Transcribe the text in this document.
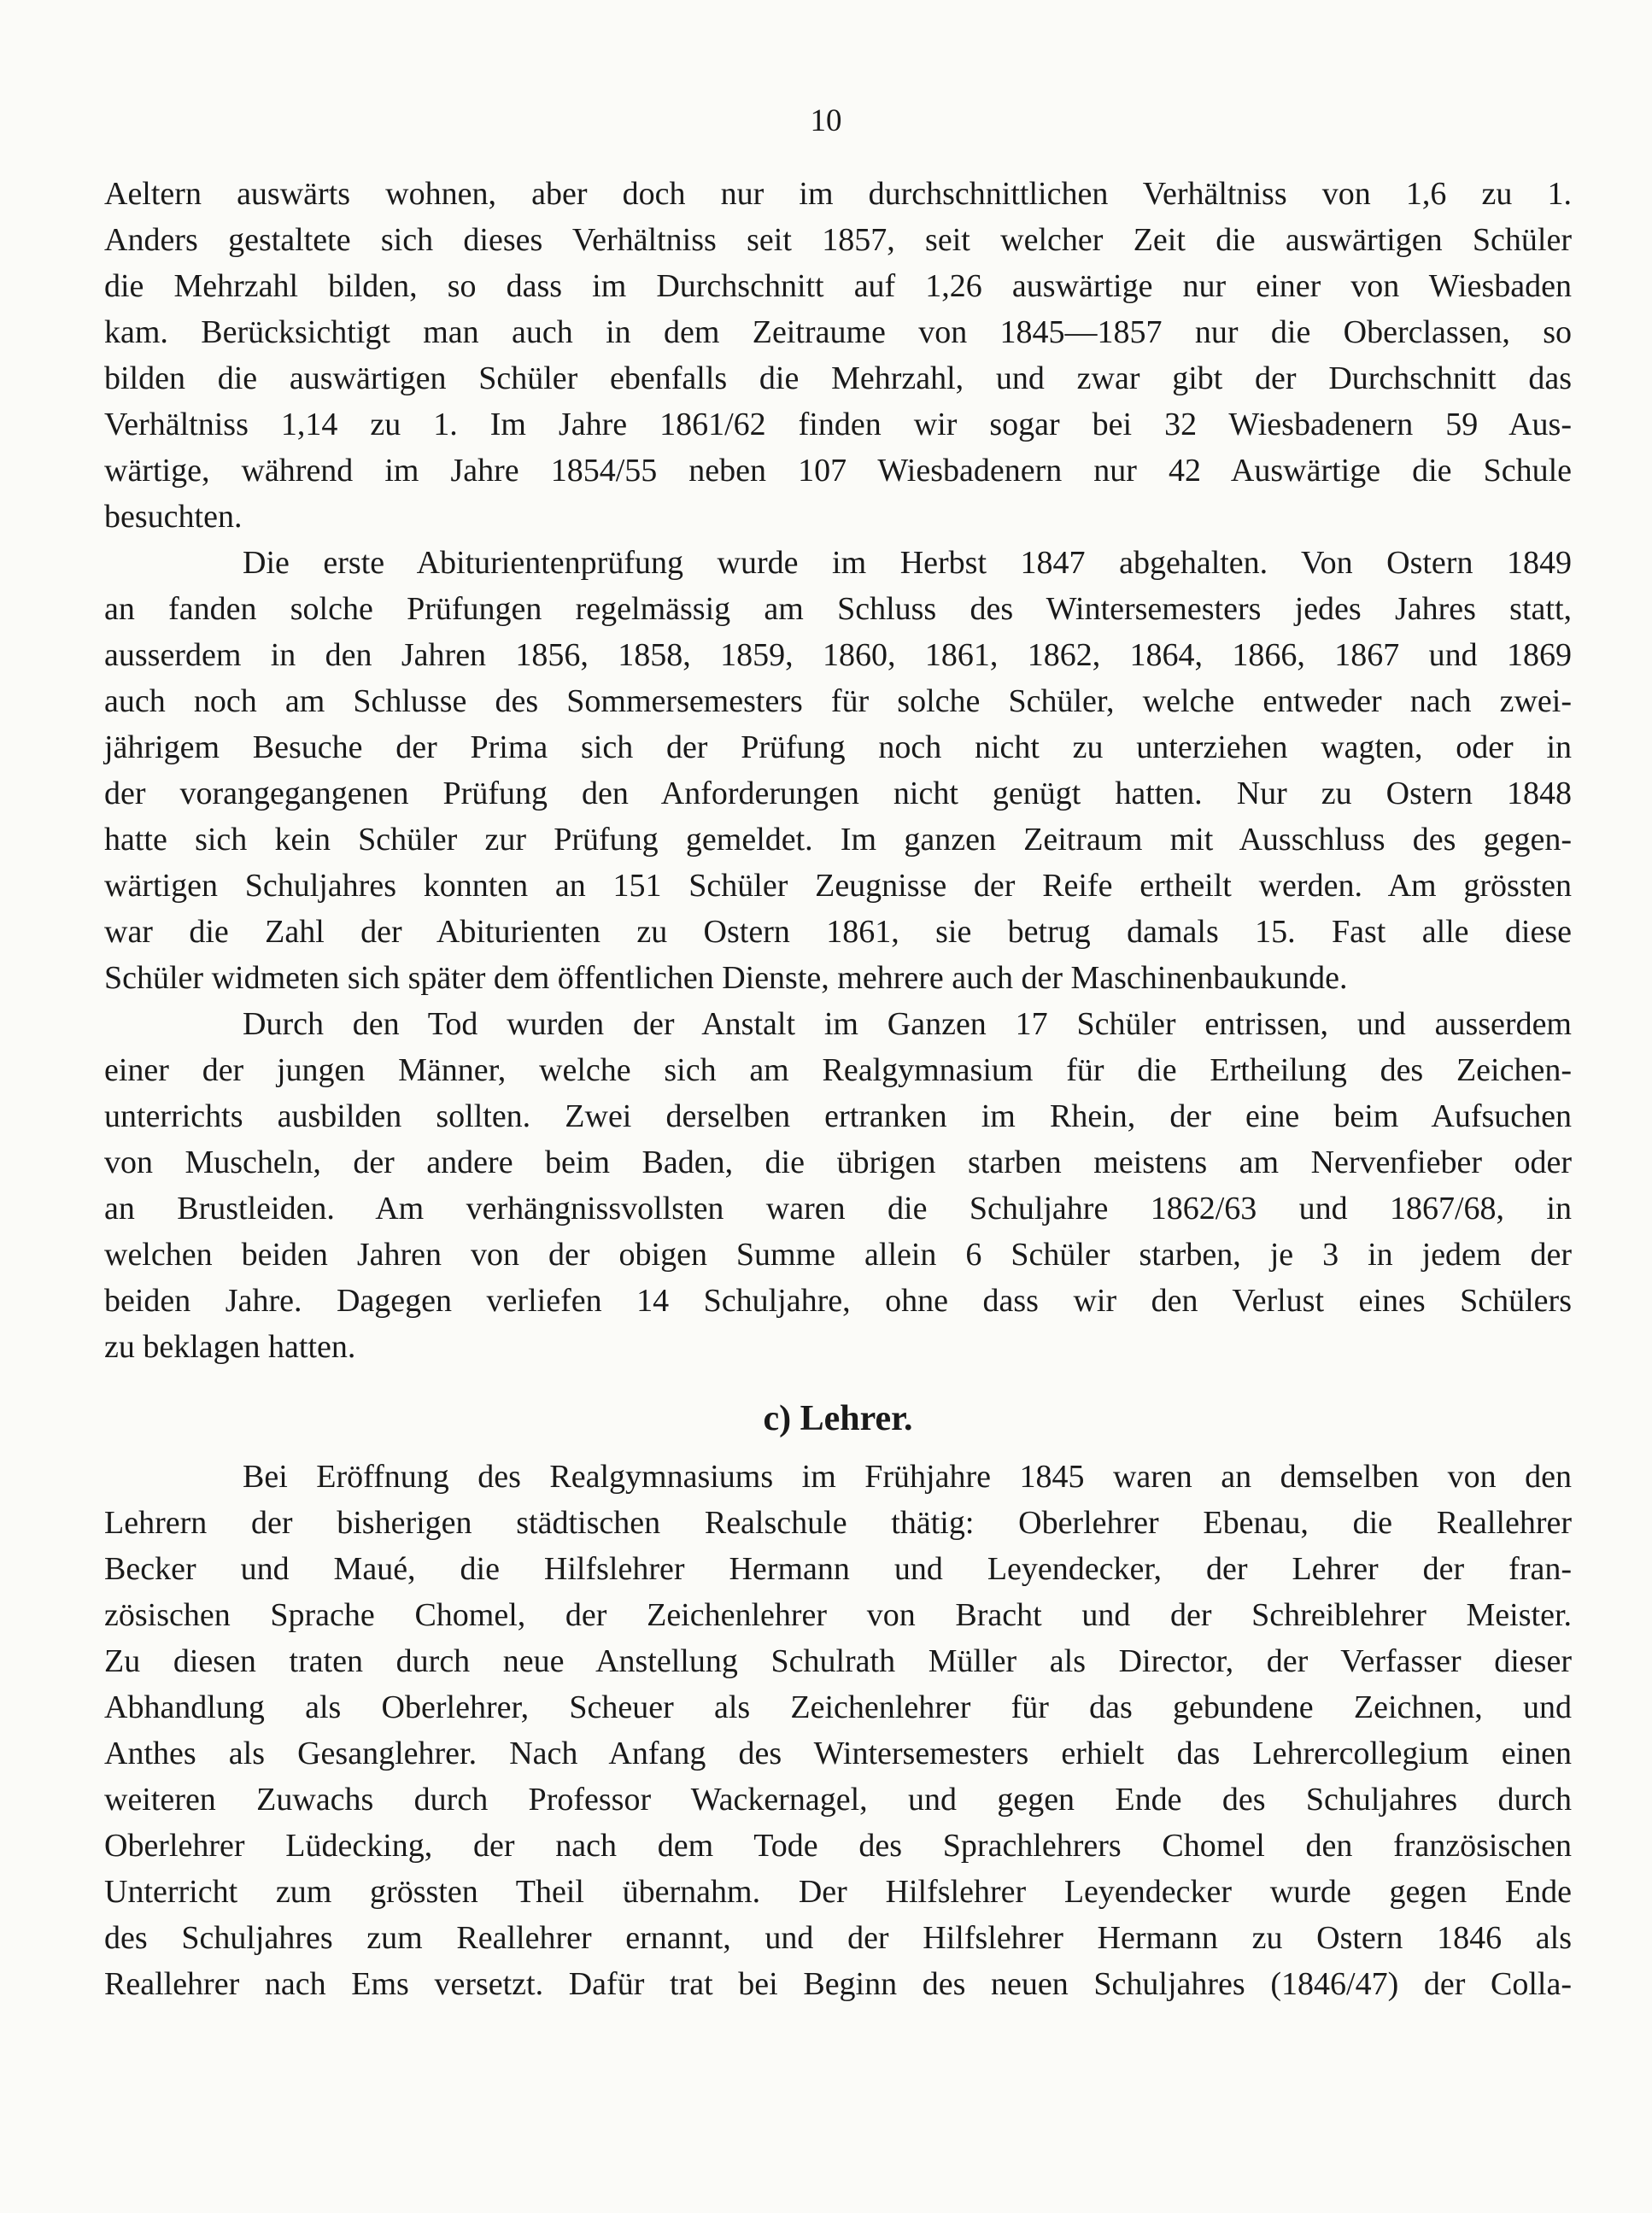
10
Aeltern auswärts wohnen, aber doch nur im durchschnittlichen Verhältniss von 1,6 zu 1.
Anders gestaltete sich dieses Verhältniss seit 1857, seit welcher Zeit die auswärtigen Schüler
die Mehrzahl bilden, so dass im Durchschnitt auf 1,26 auswärtige nur einer von Wiesbaden
kam. Berücksichtigt man auch in dem Zeitraume von 1845—1857 nur die Oberclassen, so
bilden die auswärtigen Schüler ebenfalls die Mehrzahl, und zwar gibt der Durchschnitt das
Verhältniss 1,14 zu 1. Im Jahre 1861/62 finden wir sogar bei 32 Wiesbadenern 59 Aus-
wärtige, während im Jahre 1854/55 neben 107 Wiesbadenern nur 42 Auswärtige die Schule
besuchten.
Die erste Abiturientenprüfung wurde im Herbst 1847 abgehalten. Von Ostern 1849
an fanden solche Prüfungen regelmässig am Schluss des Wintersemesters jedes Jahres statt,
ausserdem in den Jahren 1856, 1858, 1859, 1860, 1861, 1862, 1864, 1866, 1867 und 1869
auch noch am Schlusse des Sommersemesters für solche Schüler, welche entweder nach zwei-
jährigem Besuche der Prima sich der Prüfung noch nicht zu unterziehen wagten, oder in
der vorangegangenen Prüfung den Anforderungen nicht genügt hatten. Nur zu Ostern 1848
hatte sich kein Schüler zur Prüfung gemeldet. Im ganzen Zeitraum mit Ausschluss des gegen-
wärtigen Schuljahres konnten an 151 Schüler Zeugnisse der Reife ertheilt werden. Am grössten
war die Zahl der Abiturienten zu Ostern 1861, sie betrug damals 15. Fast alle diese
Schüler widmeten sich später dem öffentlichen Dienste, mehrere auch der Maschinenbaukunde.
Durch den Tod wurden der Anstalt im Ganzen 17 Schüler entrissen, und ausserdem
einer der jungen Männer, welche sich am Realgymnasium für die Ertheilung des Zeichen-
unterrichts ausbilden sollten. Zwei derselben ertranken im Rhein, der eine beim Aufsuchen
von Muscheln, der andere beim Baden, die übrigen starben meistens am Nervenfieber oder
an Brustleiden. Am verhängnissvollsten waren die Schuljahre 1862/63 und 1867/68, in
welchen beiden Jahren von der obigen Summe allein 6 Schüler starben, je 3 in jedem der
beiden Jahre. Dagegen verliefen 14 Schuljahre, ohne dass wir den Verlust eines Schülers
zu beklagen hatten.
c) Lehrer.
Bei Eröffnung des Realgymnasiums im Frühjahre 1845 waren an demselben von den
Lehrern der bisherigen städtischen Realschule thätig: Oberlehrer Ebenau, die Reallehrer
Becker und Maué, die Hilfslehrer Hermann und Leyendecker, der Lehrer der fran-
zösischen Sprache Chomel, der Zeichenlehrer von Bracht und der Schreiblehrer Meister.
Zu diesen traten durch neue Anstellung Schulrath Müller als Director, der Verfasser dieser
Abhandlung als Oberlehrer, Scheuer als Zeichenlehrer für das gebundene Zeichnen, und
Anthes als Gesanglehrer. Nach Anfang des Wintersemesters erhielt das Lehrercollegium einen
weiteren Zuwachs durch Professor Wackernagel, und gegen Ende des Schuljahres durch
Oberlehrer Lüdecking, der nach dem Tode des Sprachlehrers Chomel den französischen
Unterricht zum grössten Theil übernahm. Der Hilfslehrer Leyendecker wurde gegen Ende
des Schuljahres zum Reallehrer ernannt, und der Hilfslehrer Hermann zu Ostern 1846 als
Reallehrer nach Ems versetzt. Dafür trat bei Beginn des neuen Schuljahres (1846/47) der Colla-
